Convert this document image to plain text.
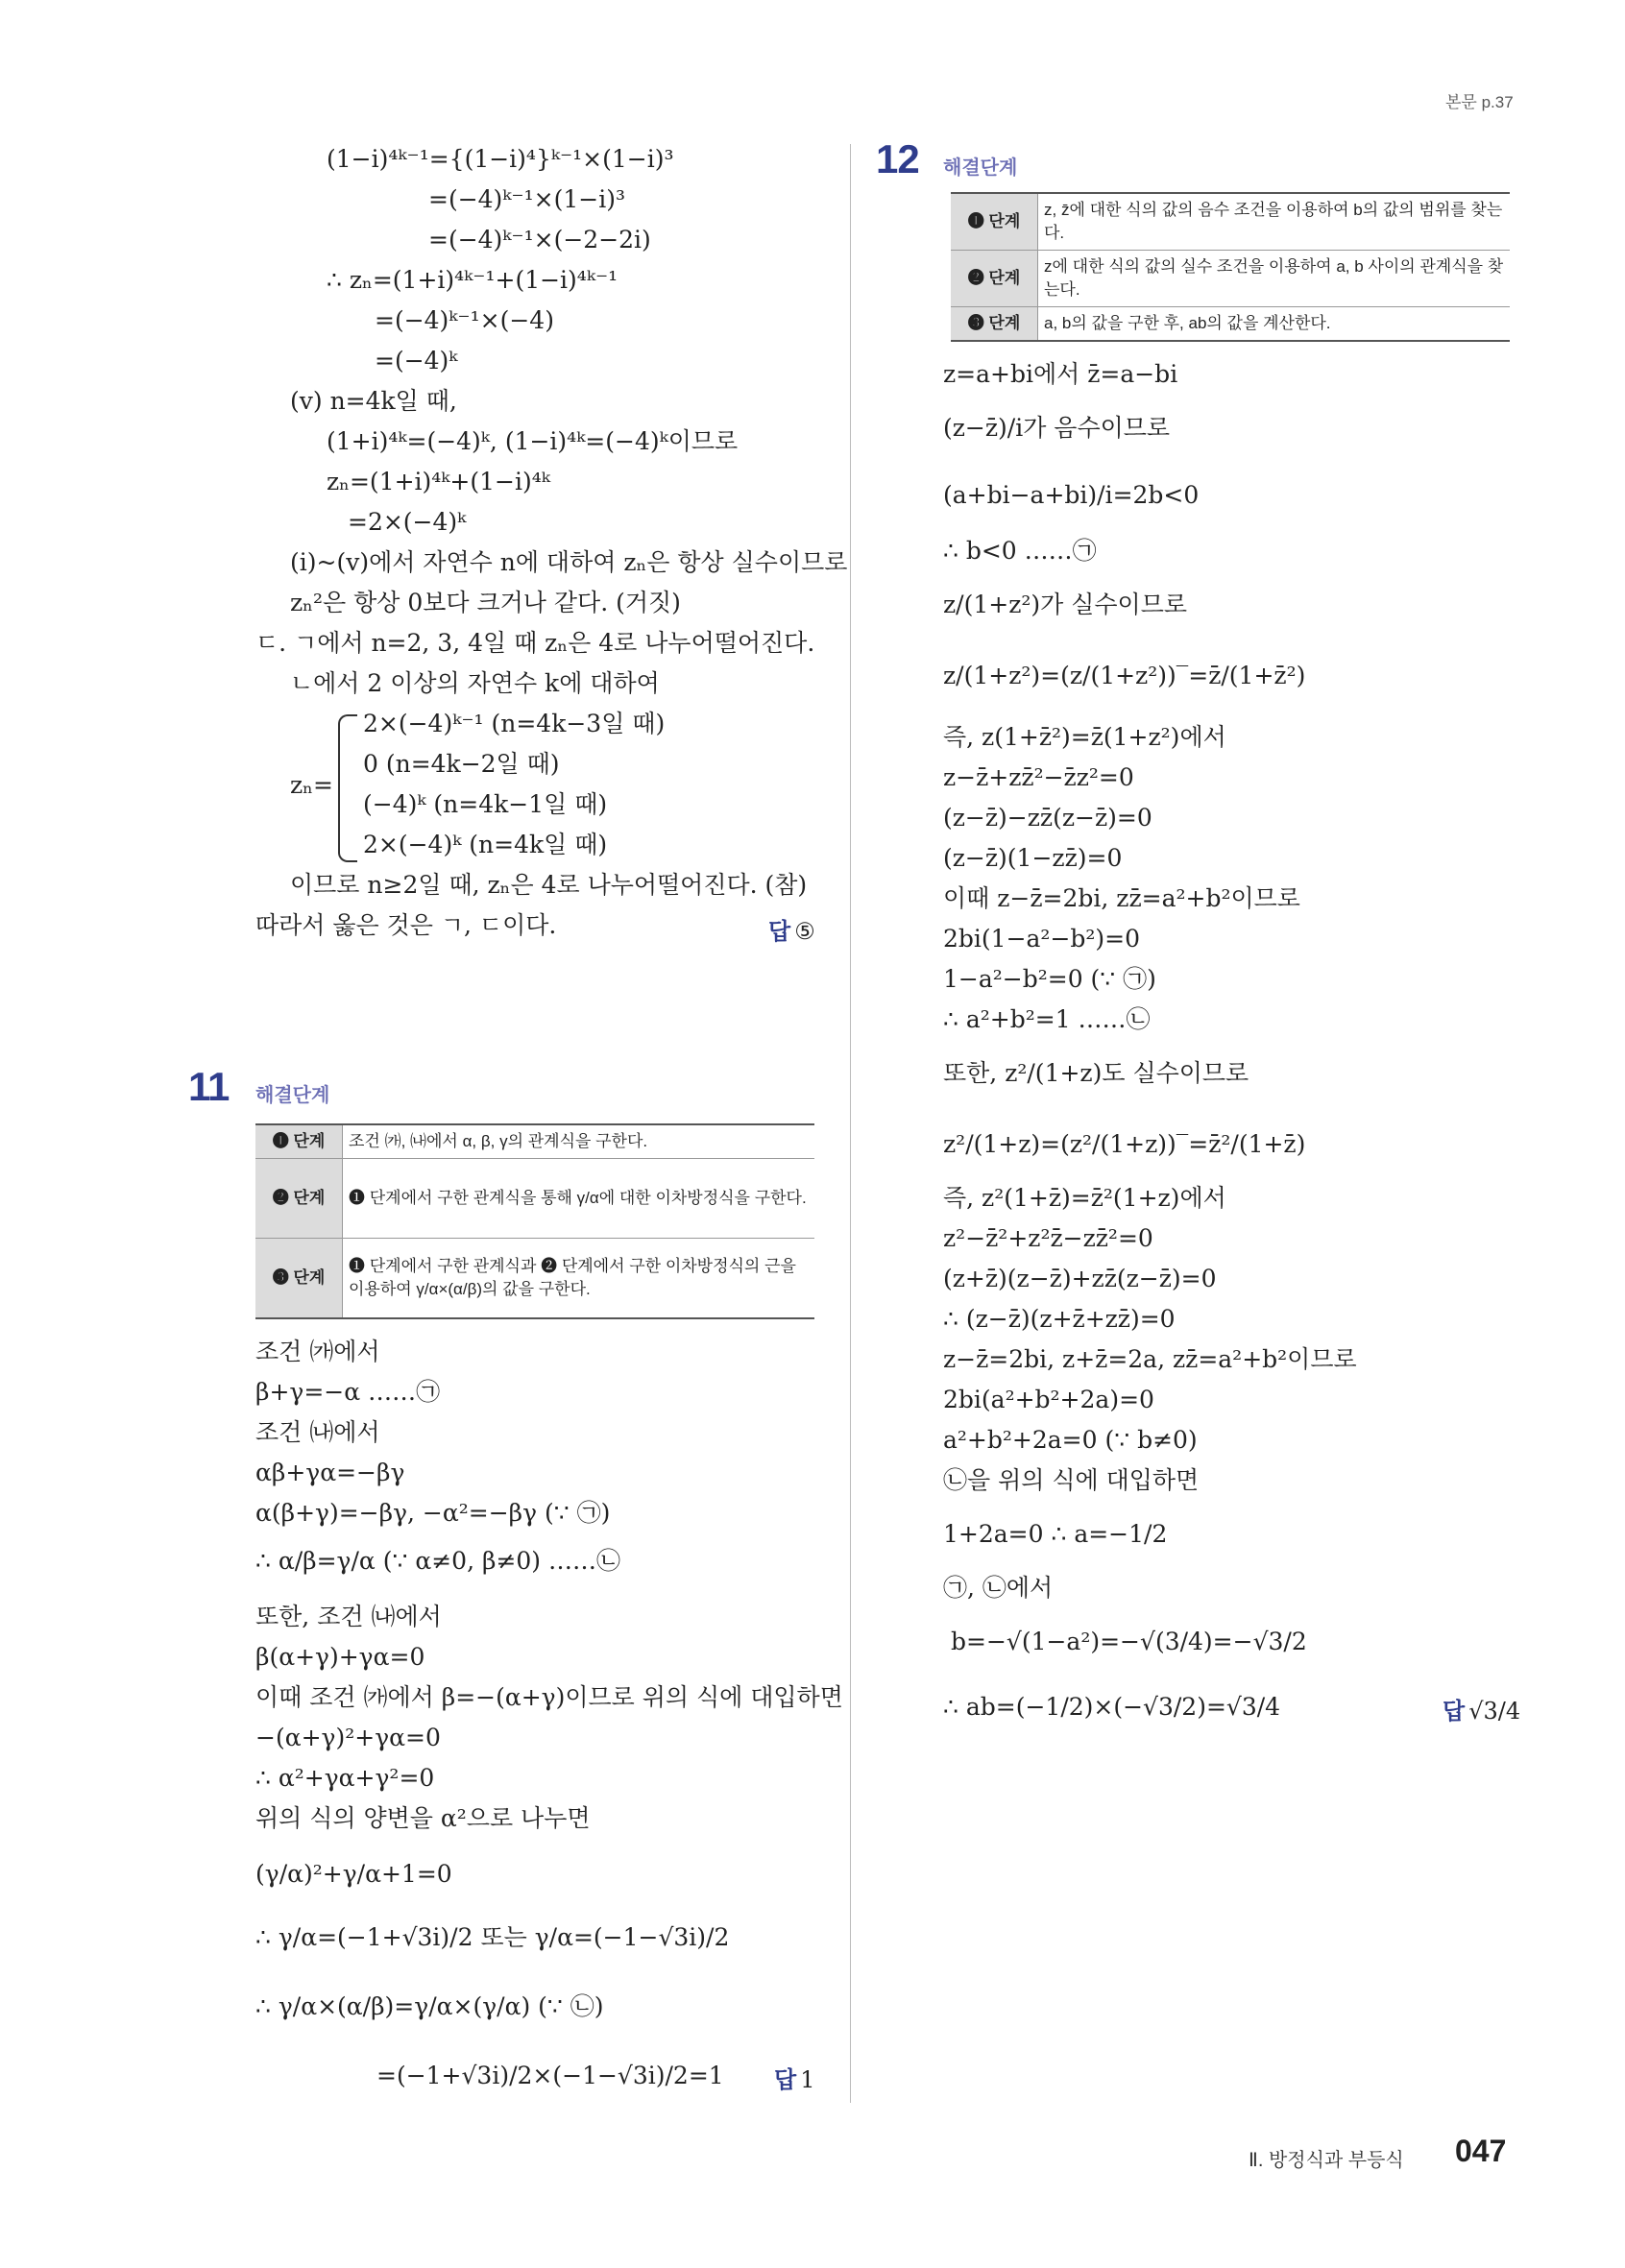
본문 p.37
(1−i)⁴ᵏ⁻¹={(1−i)⁴}ᵏ⁻¹×(1−i)³
=(−4)ᵏ⁻¹×(1−i)³
=(−4)ᵏ⁻¹×(−2−2i)
∴ zₙ=(1+i)⁴ᵏ⁻¹+(1−i)⁴ᵏ⁻¹
=(−4)ᵏ⁻¹×(−4)
=(−4)ᵏ
(v) n=4k일 때,
(1+i)⁴ᵏ=(−4)ᵏ, (1−i)⁴ᵏ=(−4)ᵏ이므로
zₙ=(1+i)⁴ᵏ+(1−i)⁴ᵏ
=2×(−4)ᵏ
(i)~(v)에서 자연수 n에 대하여 zₙ은 항상 실수이므로
zₙ²은 항상 0보다 크거나 같다. (거짓)
ㄷ. ㄱ에서 n=2, 3, 4일 때 zₙ은 4로 나누어떨어진다.
ㄴ에서 2 이상의 자연수 k에 대하여
2×(−4)ᵏ⁻¹ (n=4k−3일 때)
0 (n=4k−2일 때)
zₙ=
(−4)ᵏ (n=4k−1일 때)
2×(−4)ᵏ (n=4k일 때)
이므로 n≥2일 때, zₙ은 4로 나누어떨어진다. (참)
따라서 옳은 것은 ㄱ, ㄷ이다.	답 ⑤
11 해결단계
❶ 단계	조건 ㈎, ㈏에서 α, β, γ의 관계식을 구한다.
❷ 단계	❶ 단계에서 구한 관계식을 통해 γ/α에 대한 이차방정식을 구한다.
❸ 단계	❶ 단계에서 구한 관계식과 ❷ 단계에서 구한 이차방정식의 근을 이용하여 γ/α×(α/β)의 값을 구한다.
조건 ㈎에서
β+γ=−α ……㉠
조건 ㈏에서
αβ+γα=−βγ
α(β+γ)=−βγ, −α²=−βγ (∵ ㉠)
∴ α/β=γ/α (∵ α≠0, β≠0) ……㉡
또한, 조건 ㈏에서
β(α+γ)+γα=0
이때 조건 ㈎에서 β=−(α+γ)이므로 위의 식에 대입하면
−(α+γ)²+γα=0
∴ α²+γα+γ²=0
위의 식의 양변을 α²으로 나누면
(γ/α)²+γ/α+1=0
∴ γ/α=(−1+√3i)/2 또는 γ/α=(−1−√3i)/2
∴ γ/α×(α/β)=γ/α×(γ/α) (∵ ㉡)
=(−1+√3i)/2×(−1−√3i)/2=1 답 1
12 해결단계
❶ 단계	z, z̄에 대한 식의 값의 음수 조건을 이용하여 b의 값의 범위를 찾는다.
❷ 단계	z에 대한 식의 값의 실수 조건을 이용하여 a, b 사이의 관계식을 찾는다.
❸ 단계	a, b의 값을 구한 후, ab의 값을 계산한다.
z=a+bi에서 z̄=a−bi
(z−z̄)/i가 음수이므로
(a+bi−a+bi)/i=2b<0
∴ b<0 ……㉠
z/(1+z²)가 실수이므로
z/(1+z²)=(z/(1+z²))‾=z̄/(1+z̄²)
즉, z(1+z̄²)=z̄(1+z²)에서
z−z̄+zz̄²−z̄z²=0
(z−z̄)−zz̄(z−z̄)=0
(z−z̄)(1−zz̄)=0
이때 z−z̄=2bi, zz̄=a²+b²이므로
2bi(1−a²−b²)=0
1−a²−b²=0 (∵ ㉠)
∴ a²+b²=1 ……㉡
또한, z²/(1+z)도 실수이므로
z²/(1+z)=(z²/(1+z))‾=z̄²/(1+z̄)
즉, z²(1+z̄)=z̄²(1+z)에서
z²−z̄²+z²z̄−zz̄²=0
(z+z̄)(z−z̄)+zz̄(z−z̄)=0
∴ (z−z̄)(z+z̄+zz̄)=0
z−z̄=2bi, z+z̄=2a, zz̄=a²+b²이므로
2bi(a²+b²+2a)=0
a²+b²+2a=0 (∵ b≠0)
㉡을 위의 식에 대입하면
1+2a=0 ∴ a=−1/2
㉠, ㉡에서
b=−√(1−a²)=−√(3/4)=−√3/2
∴ ab=(−1/2)×(−√3/2)=√3/4	답 √3/4
Ⅱ. 방정식과 부등식 047
